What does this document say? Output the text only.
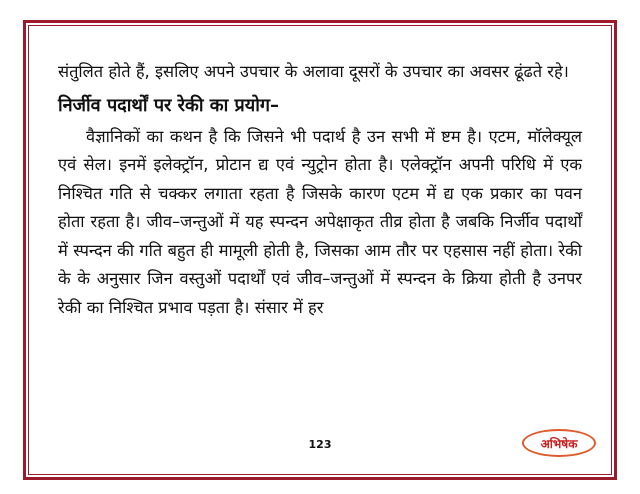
संतुलित होते हैं, इसलिए अपने उपचार के अलावा दूसरों के उपचार का अवसर ढूंढते रहे।

निर्जीव पदार्थों पर रेकी का प्रयोग–

वैज्ञानिकों का कथन है कि जिसने भी पदार्थ है उन सभी में ष्टम है। एटम, मॉलेक्यूल एवं सेल। इनमें इलेक्ट्रॉन, प्रोटान द्य एवं न्युट्रोन होता है। एलेक्ट्रॉन अपनी परिधि में एक निश्चित गति से चक्कर लगाता रहता है जिसके कारण एटम में द्य एक प्रकार का पवन होता रहता है। जीव–जन्तुओं में यह स्पन्दन अपेक्षाकृत तीव्र होता है जबकि निर्जीव पदार्थों में स्पन्दन की गति बहुत ही मामूली होती है, जिसका आम तौर पर एहसास नहीं होता। रेकी के के अनुसार जिन वस्तुओं पदार्थों एवं जीव–जन्तुओं में स्पन्दन के क्रिया होती है उनपर रेकी का निश्चित प्रभाव पड़ता है। संसार में हर

123	अभिषेक
